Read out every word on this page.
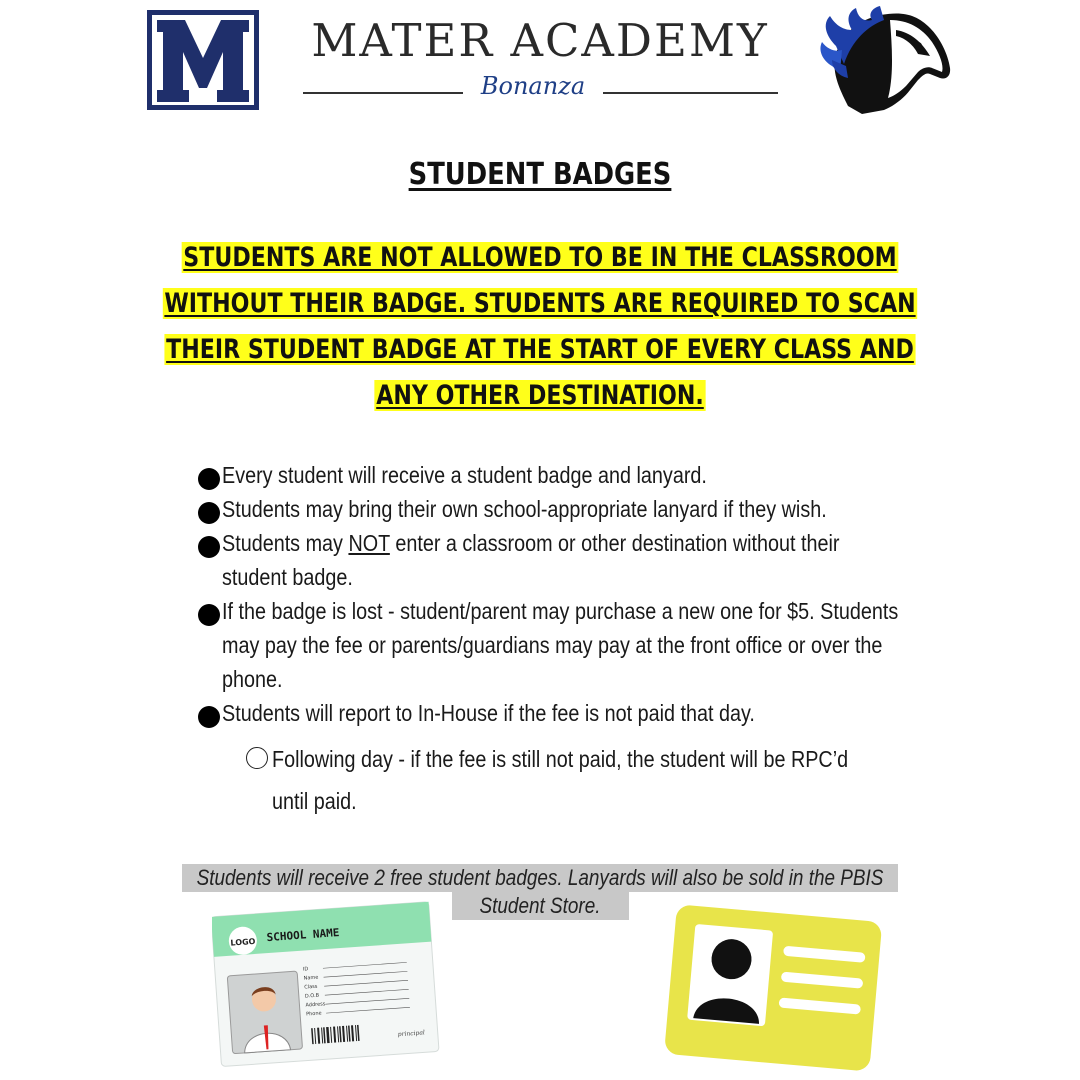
MATER ACADEMY
Bonanza
STUDENT BADGES
STUDENTS ARE NOT ALLOWED TO BE IN THE CLASSROOM WITHOUT THEIR BADGE. STUDENTS ARE REQUIRED TO SCAN THEIR STUDENT BADGE AT THE START OF EVERY CLASS AND ANY OTHER DESTINATION.
Every student will receive a student badge and lanyard.
Students may bring their own school-appropriate lanyard if they wish.
Students may NOT enter a classroom or other destination without their student badge.
If the badge is lost - student/parent may purchase a new one for $5. Students may pay the fee or parents/guardians may pay at the front office or over the phone.
Students will report to In-House if the fee is not paid that day.
Following day - if the fee is still not paid, the student will be RPC’d until paid.
Students will receive 2 free student badges. Lanyards will also be sold in the PBIS Student Store.
LOGO SCHOOL NAME
ID
Name
Class
D.O.B
Address
Phone
principal
